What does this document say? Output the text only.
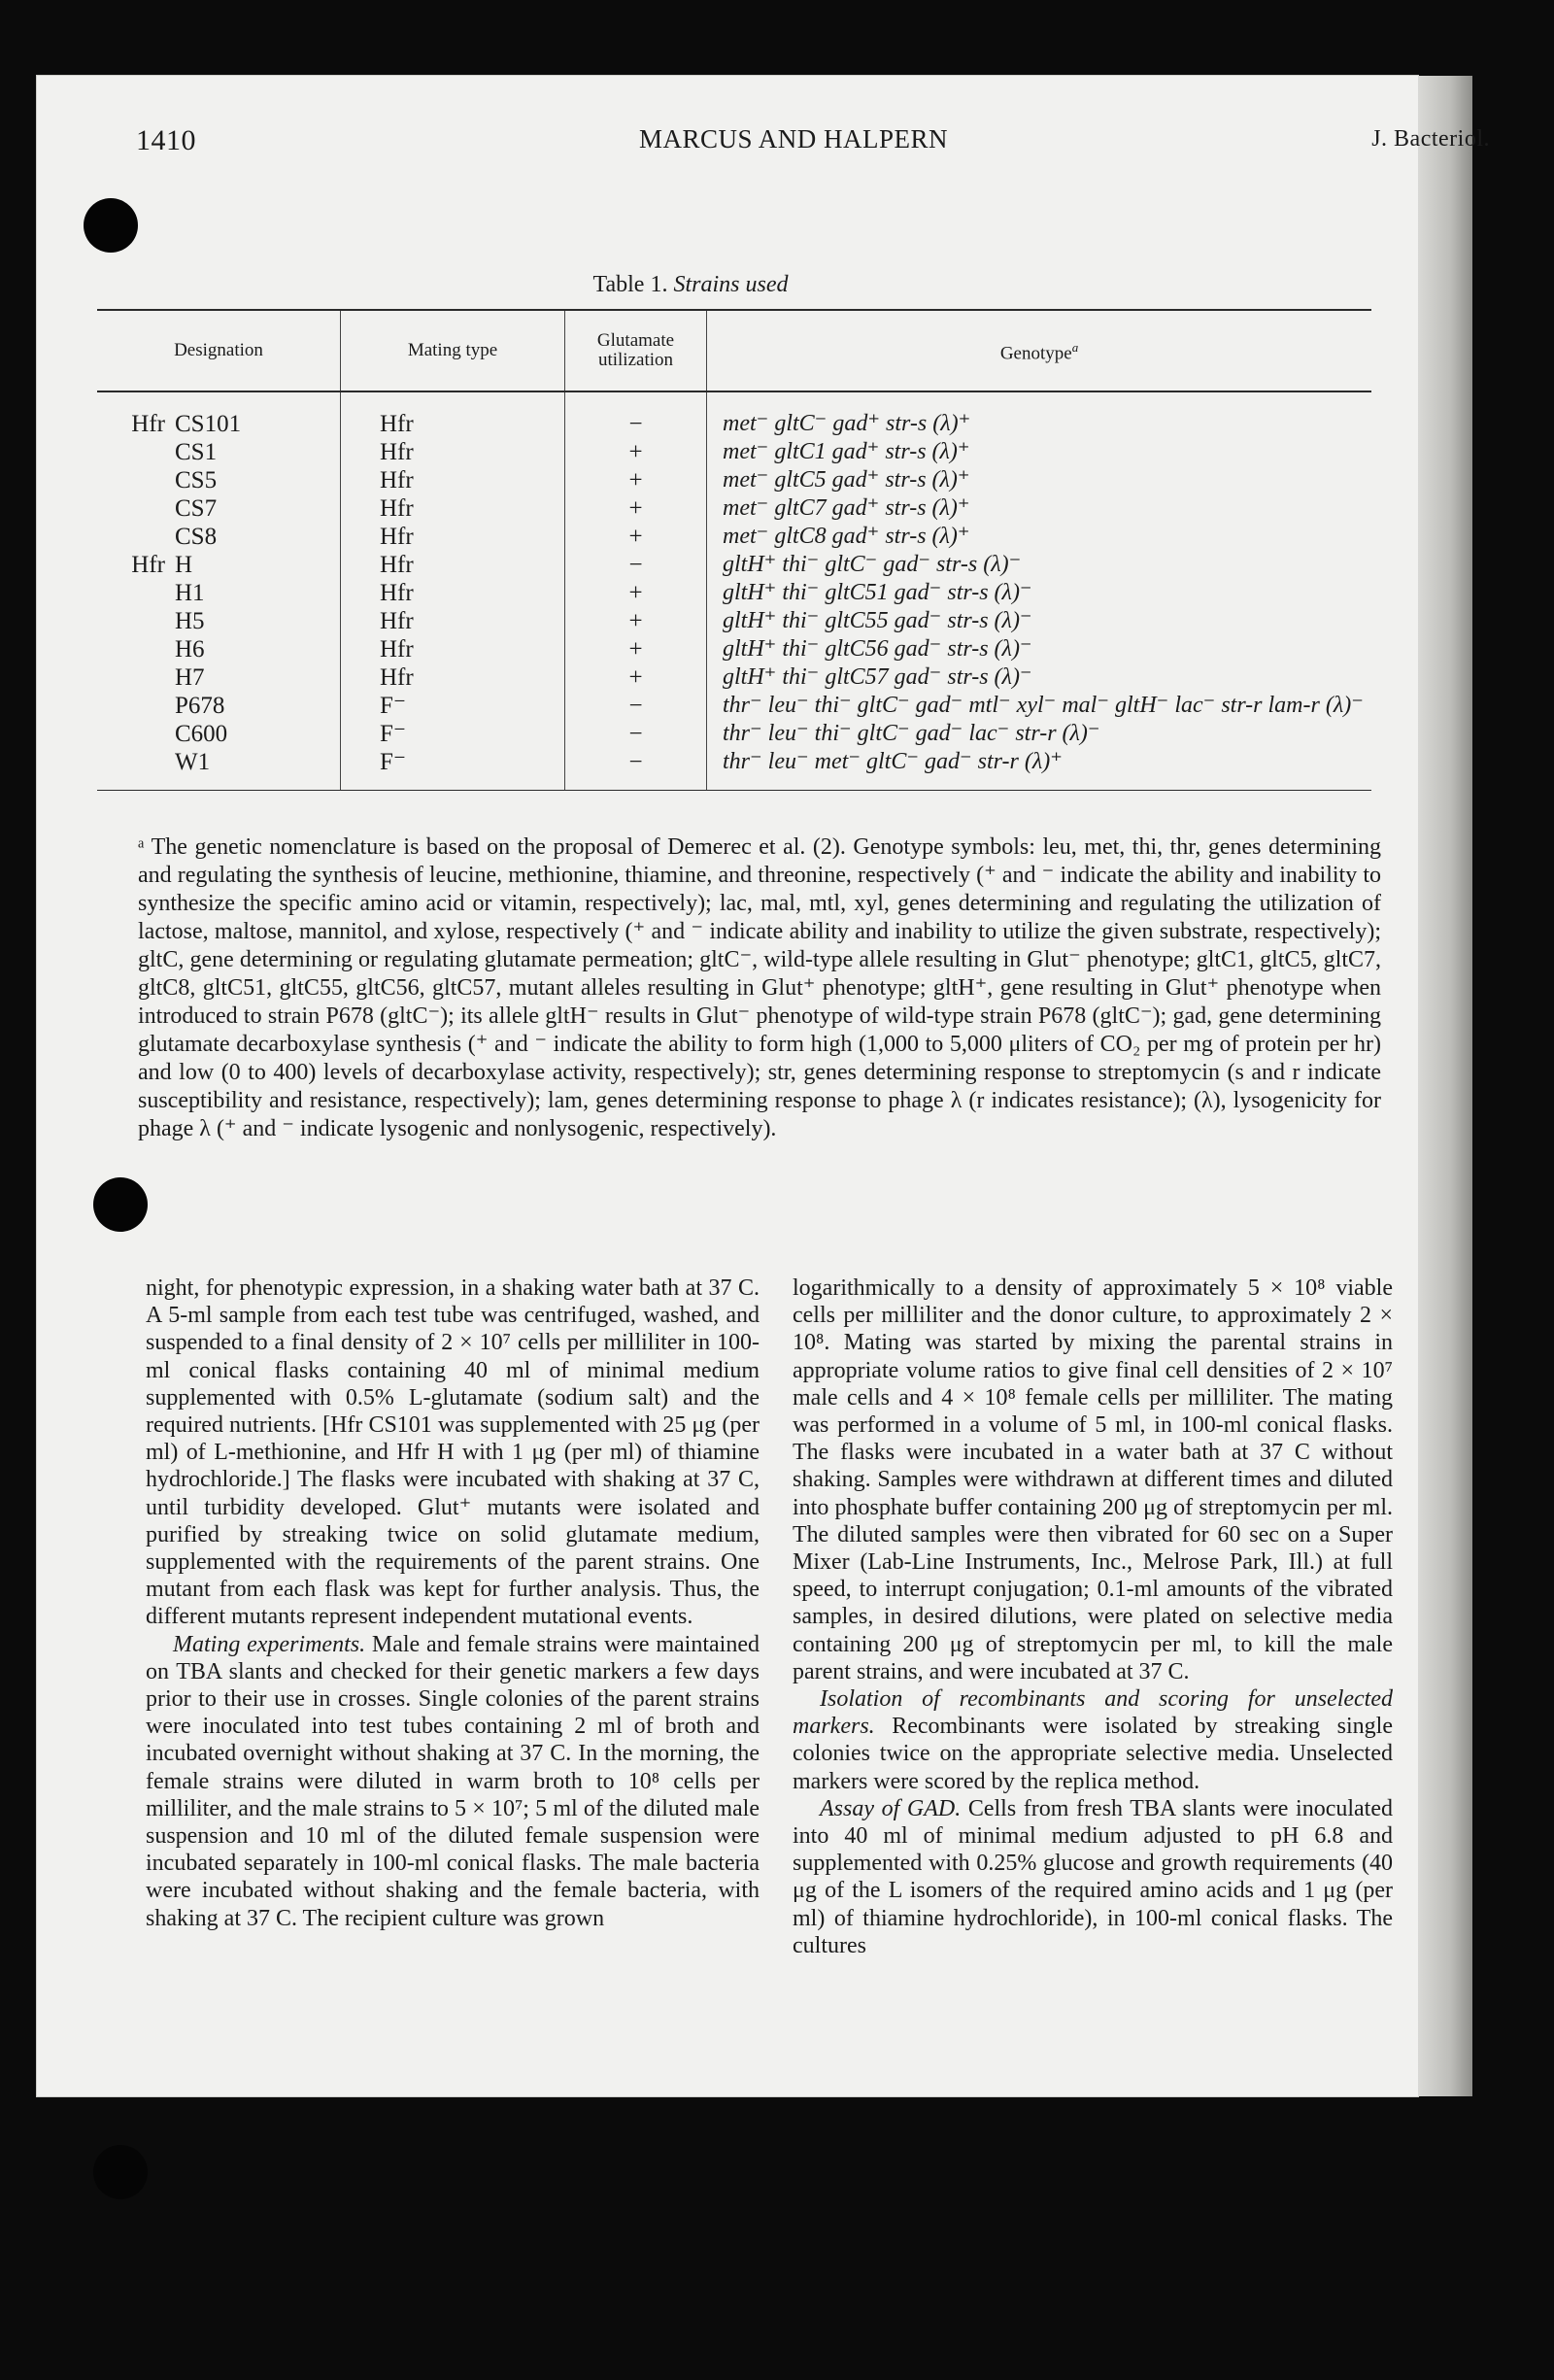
1410	MARCUS AND HALPERN	J. Bacteriol.
Table 1. Strains used
Designation	Mating type	Glutamate utilization	Genotype$^a$
Hfr CS101	Hfr	−	met⁻ gltC⁻ gad⁺ str-s (λ)⁺
CS1	Hfr	+	met⁻ gltC1 gad⁺ str-s (λ)⁺
CS5	Hfr	+	met⁻ gltC5 gad⁺ str-s (λ)⁺
CS7	Hfr	+	met⁻ gltC7 gad⁺ str-s (λ)⁺
CS8	Hfr	+	met⁻ gltC8 gad⁺ str-s (λ)⁺
Hfr H	Hfr	−	gltH⁺ thi⁻ gltC⁻ gad⁻ str-s (λ)⁻
H1	Hfr	+	gltH⁺ thi⁻ gltC51 gad⁻ str-s (λ)⁻
H5	Hfr	+	gltH⁺ thi⁻ gltC55 gad⁻ str-s (λ)⁻
H6	Hfr	+	gltH⁺ thi⁻ gltC56 gad⁻ str-s (λ)⁻
H7	Hfr	+	gltH⁺ thi⁻ gltC57 gad⁻ str-s (λ)⁻
P678	F⁻	−	thr⁻ leu⁻ thi⁻ gltC⁻ gad⁻ mtl⁻ xyl⁻ mal⁻ gltH⁻ lac⁻ str-r lam-r (λ)⁻
C600	F⁻	−	thr⁻ leu⁻ thi⁻ gltC⁻ gad⁻ lac⁻ str-r (λ)⁻
W1	F⁻	−	thr⁻ leu⁻ met⁻ gltC⁻ gad⁻ str-r (λ)⁺
ᵃ The genetic nomenclature is based on the proposal of Demerec et al. (2). Genotype symbols: leu, met, thi, thr, genes determining and regulating the synthesis of leucine, methionine, thiamine, and threonine, respectively (⁺ and ⁻ indicate the ability and inability to synthesize the specific amino acid or vitamin, respectively); lac, mal, mtl, xyl, genes determining and regulating the utilization of lactose, maltose, mannitol, and xylose, respectively (⁺ and ⁻ indicate ability and inability to utilize the given substrate, respectively); gltC, gene determining or regulating glutamate permeation; gltC⁻, wild-type allele resulting in Glut⁻ phenotype; gltC1, gltC5, gltC7, gltC8, gltC51, gltC55, gltC56, gltC57, mutant alleles resulting in Glut⁺ phenotype; gltH⁺, gene resulting in Glut⁺ phenotype when introduced to strain P678 (gltC⁻); its allele gltH⁻ results in Glut⁻ phenotype of wild-type strain P678 (gltC⁻); gad, gene determining glutamate decarboxylase synthesis (⁺ and ⁻ indicate the ability to form high (1,000 to 5,000 μliters of CO₂ per mg of protein per hr) and low (0 to 400) levels of decarboxylase activity, respectively); str, genes determining response to streptomycin (s and r indicate susceptibility and resistance, respectively); lam, genes determining response to phage λ (r indicates resistance); (λ), lysogenicity for phage λ (⁺ and ⁻ indicate lysogenic and nonlysogenic, respectively).

night, for phenotypic expression, in a shaking water bath at 37 C. A 5-ml sample from each test tube was centrifuged, washed, and suspended to a final density of 2 × 10⁷ cells per milliliter in 100-ml conical flasks containing 40 ml of minimal medium supplemented with 0.5% L-glutamate (sodium salt) and the required nutrients. [Hfr CS101 was supplemented with 25 μg (per ml) of L-methionine, and Hfr H with 1 μg (per ml) of thiamine hydrochloride.] The flasks were incubated with shaking at 37 C, until turbidity developed. Glut⁺ mutants were isolated and purified by streaking twice on solid glutamate medium, supplemented with the requirements of the parent strains. One mutant from each flask was kept for further analysis. Thus, the different mutants represent independent mutational events.

Mating experiments. Male and female strains were maintained on TBA slants and checked for their genetic markers a few days prior to their use in crosses. Single colonies of the parent strains were inoculated into test tubes containing 2 ml of broth and incubated overnight without shaking at 37 C. In the morning, the female strains were diluted in warm broth to 10⁸ cells per milliliter, and the male strains to 5 × 10⁷; 5 ml of the diluted male suspension and 10 ml of the diluted female suspension were incubated separately in 100-ml conical flasks. The male bacteria were incubated without shaking and the female bacteria, with shaking at 37 C. The recipient culture was grown

logarithmically to a density of approximately 5 × 10⁸ viable cells per milliliter and the donor culture, to approximately 2 × 10⁸. Mating was started by mixing the parental strains in appropriate volume ratios to give final cell densities of 2 × 10⁷ male cells and 4 × 10⁸ female cells per milliliter. The mating was performed in a volume of 5 ml, in 100-ml conical flasks. The flasks were incubated in a water bath at 37 C without shaking. Samples were withdrawn at different times and diluted into phosphate buffer containing 200 μg of streptomycin per ml. The diluted samples were then vibrated for 60 sec on a Super Mixer (Lab-Line Instruments, Inc., Melrose Park, Ill.) at full speed, to interrupt conjugation; 0.1-ml amounts of the vibrated samples, in desired dilutions, were plated on selective media containing 200 μg of streptomycin per ml, to kill the male parent strains, and were incubated at 37 C.

Isolation of recombinants and scoring for unselected markers. Recombinants were isolated by streaking single colonies twice on the appropriate selective media. Unselected markers were scored by the replica method.

Assay of GAD. Cells from fresh TBA slants were inoculated into 40 ml of minimal medium adjusted to pH 6.8 and supplemented with 0.25% glucose and growth requirements (40 μg of the L isomers of the required amino acids and 1 μg (per ml) of thiamine hydrochloride), in 100-ml conical flasks. The cultures
